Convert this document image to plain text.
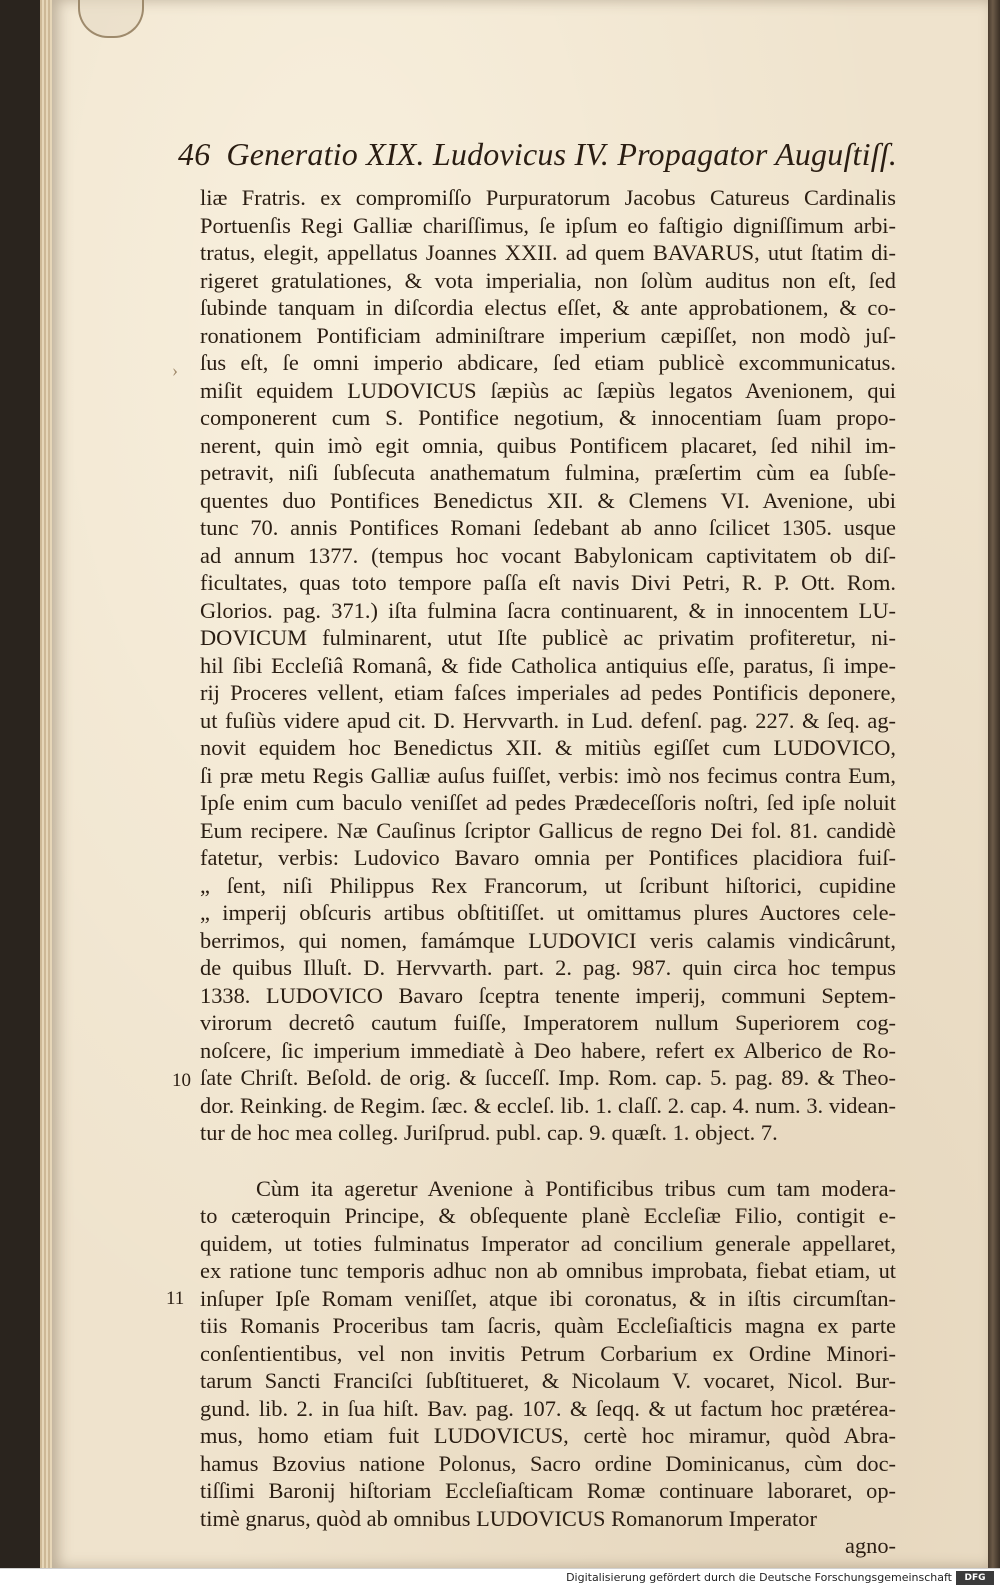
46 Generatio XIX. Ludovicus IV. Propagator Auguſtiſſ.
liæ Fratris. ex compromiſſo Purpuratorum Jacobus Catureus Cardinalis
Portuenſis Regi Galliæ chariſſimus, ſe ipſum eo faſtigio digniſſimum arbi-
tratus, elegit, appellatus Joannes XXII. ad quem BAVARUS, utut ſtatim di-
rigeret gratulationes, & vota imperialia, non ſolùm auditus non eſt, ſed
ſubinde tanquam in diſcordia electus eſſet, & ante approbationem, & co-
ronationem Pontificiam adminiſtrare imperium cæpiſſet, non modò juſ-
ſus eſt, ſe omni imperio abdicare, ſed etiam publicè excommunicatus.
miſit equidem LUDOVICUS ſæpiùs ac ſæpiùs legatos Avenionem, qui
componerent cum S. Pontifice negotium, & innocentiam ſuam propo-
nerent, quin imò egit omnia, quibus Pontificem placaret, ſed nihil im-
petravit, niſi ſubſecuta anathematum fulmina, præſertim cùm ea ſubſe-
quentes duo Pontifices Benedictus XII. & Clemens VI. Avenione, ubi
tunc 70. annis Pontifices Romani ſedebant ab anno ſcilicet 1305. usque
ad annum 1377. (tempus hoc vocant Babylonicam captivitatem ob diſ-
ficultates, quas toto tempore paſſa eſt navis Divi Petri, R. P. Ott. Rom.
Glorios. pag. 371.) iſta fulmina ſacra continuarent, & in innocentem LU-
DOVICUM fulminarent, utut Iſte publicè ac privatim profiteretur, ni-
hil ſibi Eccleſiâ Romanâ, & fide Catholica antiquius eſſe, paratus, ſi impe-
rij Proceres vellent, etiam faſces imperiales ad pedes Pontificis deponere,
ut fuſiùs videre apud cit. D. Hervvarth. in Lud. defenſ. pag. 227. & ſeq. ag-
novit equidem hoc Benedictus XII. & mitiùs egiſſet cum LUDOVICO,
ſi præ metu Regis Galliæ auſus fuiſſet, verbis: imò nos fecimus contra Eum,
Ipſe enim cum baculo veniſſet ad pedes Prædeceſſoris noſtri, ſed ipſe noluit
Eum recipere. Næ Cauſinus ſcriptor Gallicus de regno Dei fol. 81. candidè
fatetur, verbis: Ludovico Bavaro omnia per Pontifices placidiora fuiſ-
„ ſent, niſi Philippus Rex Francorum, ut ſcribunt hiſtorici, cupidine
„ imperij obſcuris artibus obſtitiſſet. ut omittamus plures Auctores cele-
berrimos, qui nomen, famámque LUDOVICI veris calamis vindicârunt,
de quibus Illuſt. D. Hervvarth. part. 2. pag. 987. quin circa hoc tempus
1338. LUDOVICO Bavaro ſceptra tenente imperij, communi Septem-
virorum decretô cautum fuiſſe, Imperatorem nullum Superiorem cog-
noſcere, ſic imperium immediatè à Deo habere, refert ex Alberico de Ro-
ſate Chriſt. Beſold. de orig. & ſucceſſ. Imp. Rom. cap. 5. pag. 89. & Theo-
dor. Reinking. de Regim. ſæc. & eccleſ. lib. 1. claſſ. 2. cap. 4. num. 3. videan-
tur de hoc mea colleg. Juriſprud. publ. cap. 9. quæſt. 1. object. 7.
Cùm ita ageretur Avenione à Pontificibus tribus cum tam modera-
to cæteroquin Principe, & obſequente planè Eccleſiæ Filio, contigit e-
quidem, ut toties fulminatus Imperator ad concilium generale appellaret,
ex ratione tunc temporis adhuc non ab omnibus improbata, fiebat etiam, ut
inſuper Ipſe Romam veniſſet, atque ibi coronatus, & in iſtis circumſtan-
tiis Romanis Proceribus tam ſacris, quàm Eccleſiaſticis magna ex parte
conſentientibus, vel non invitis Petrum Corbarium ex Ordine Minori-
tarum Sancti Franciſci ſubſtitueret, & Nicolaum V. vocaret, Nicol. Bur-
gund. lib. 2. in ſua hiſt. Bav. pag. 107. & ſeqq. & ut factum hoc prætérea-
mus, homo etiam fuit LUDOVICUS, certè hoc miramur, quòd Abra-
hamus Bzovius natione Polonus, Sacro ordine Dominicanus, cùm doc-
tiſſimi Baronij hiſtoriam Eccleſiaſticam Romæ continuare laboraret, op-
timè gnarus, quòd ab omnibus LUDOVICUS Romanorum Imperator
agno-
10
11
›
Digitalisierung gefördert durch die Deutsche Forschungsgemeinschaft	DFG
